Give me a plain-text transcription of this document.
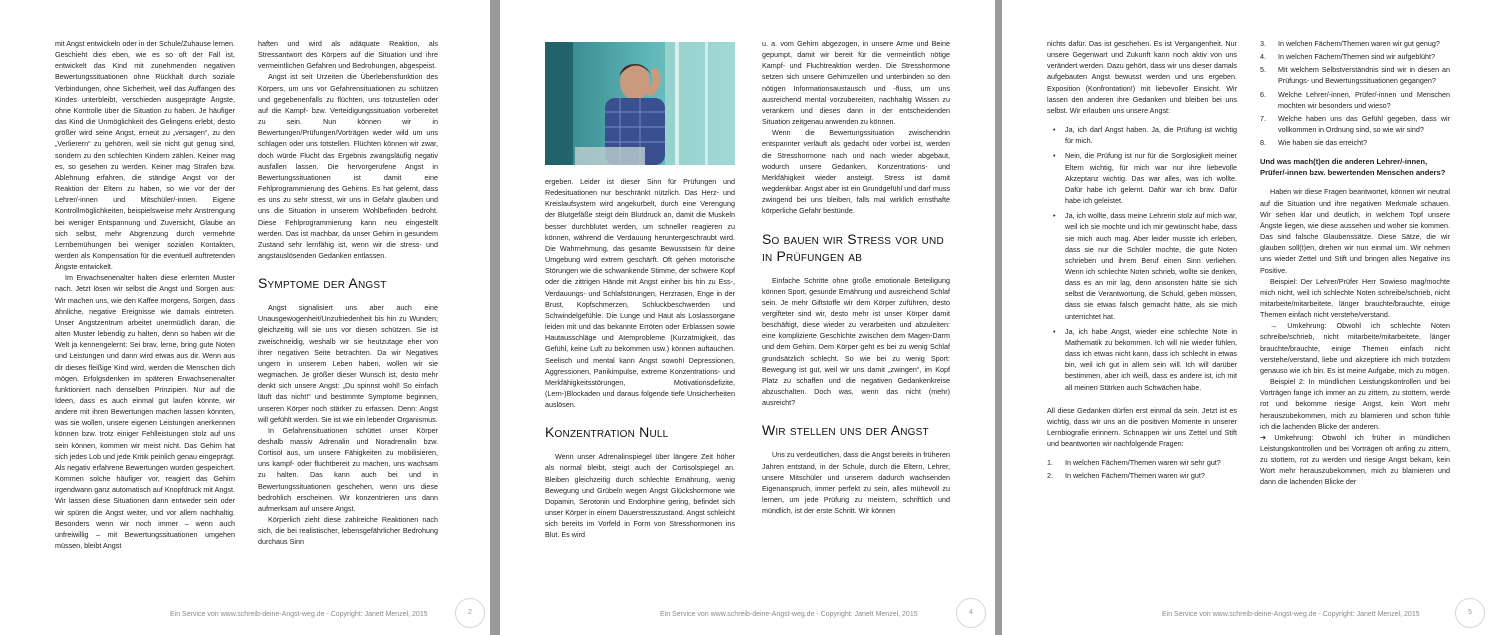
mit Angst entwickeln oder in der Schule/Zuhause lernen. Geschieht dies eben, wie es so oft der Fall ist, entwickelt das Kind mit zunehmenden negativen Bewertungssituationen ohne Rückhalt durch soziale Verbindungen, ohne Sicherheit, weil das Auffangen des Kindes unterbleibt, verschieden ausgeprägte Ängste, ohne Kontrolle über die Situation zu haben. Je häufiger das Kind die Unmöglichkeit des Gelingens erlebt, desto größer wird seine Angst, erneut zu „versagen“, zu den „Verlierern“ zu gehören, weil sie nicht gut genug sind, sondern zu den schlechten Kindern zählen. Keiner mag es, so gesehen zu werden. Keiner mag Strafen bzw. Ablehnung erfahren, die ständige Angst vor der Reaktion der Eltern zu haben, so wie vor der der Lehrer/-innen und Mitschüler/-innen. Eigene Kontrollmöglichkeiten, beispielsweise mehr Anstrengung bei weniger Entspannung und Zuversicht, Glaube an sich selbst, mehr Abgrenzung durch vermehrte Lernbemühungen bei weniger sozialen Kontakten, werden als Kompensation für die eventuell auftretenden Ängste entwickelt.

Im Erwachsenenalter halten diese erlernten Muster nach. Jetzt lösen wir selbst die Angst und Sorgen aus: Wir machen uns, wie den Kaffee morgens, Sorgen, dass ähnliche, negative Ereignisse wie damals eintreten. Unser Angstzentrum arbeitet unermüdlich daran, die alten Muster lebendig zu halten, denn so haben wir die Welt ja kennengelernt: Sei brav, lerne, bring gute Noten und Leistungen und dann wird etwas aus dir. Wenn aus dir dieses fleißige Kind wird, werden die Menschen dich mögen. Erfolgsdenken im späteren Erwachsenenalter funktioniert nach denselben Prinzipien. Nur auf die Ideen, dass es auch einmal gut laufen könnte, wir andere mit ihren Bewertungen machen lassen könnten, was sie wollen, unsere eigenen Leistungen anerkennen können bzw. trotz einiger Fehlleistungen stolz auf uns sein können, kommen wir meist nicht. Das Gehirn hat sich jedes Lob und jede Kritik peinlich genau eingeprägt. Als negativ erfahrene Bewertungen wurden gespeichert. Kommen solche häufiger vor, reagiert das Gehirn irgendwann ganz automatisch auf Knopfdruck mit Angst. Wir lassen diese Situationen dann entweder sein oder wir spüren die Angst weiter, und vor allem nachhaltig. Besonders wenn wir noch immer – wenn auch unfreiwillig – mit Bewertungssituationen umgehen müssen, bleibt Angst

haften und wird als adäquate Reaktion, als Stressantwort des Körpers auf die Situation und ihre vermeintlichen Gefahren und Bedrohungen, abgespeist.

Angst ist seit Urzeiten die Überlebensfunktion des Körpers, um uns vor Gefahrensituationen zu schützen und gegebenenfalls zu flüchten, uns totzustellen oder auf die Kampf- bzw. Verteidigungssituation vorbereitet zu sein. Nun können wir in Bewertungen/Prüfungen/Vorträgen weder wild um uns schlagen oder uns totstellen. Flüchten können wir zwar, doch würde Flucht das Ergebnis zwangsläufig negativ ausfallen lassen. Die hervorgerufene Angst in Bewertungssituationen ist damit eine Fehlprogrammierung des Gehirns. Es hat gelernt, dass es uns zu sehr stresst, wir uns in Gefahr glauben und uns die Situation in unserem Wohlbefinden bedroht. Diese Fehlprogrammierung kann neu eingestellt werden. Das ist machbar, da unser Gehirn in gesundem Zustand sehr lernfähig ist, wenn wir die stress- und angstauslösenden Gedanken entlassen.

Symptome der Angst

Angst signalisiert uns aber auch eine Unausgewogenheit/Unzufriedenheit bis hin zu Wunden; gleichzeitig will sie uns vor diesen schützen. Sie ist zweischneidig, weshalb wir sie heutzutage eher von ihrer negativen Seite betrachten. Da wir Negatives ungern in unserem Leben haben, wollen wir sie wegmachen. Je größer dieser Wunsch ist, desto mehr denkt sich unsere Angst: „Du spinnst wohl! So einfach läuft das nicht!“ und bestimmte Symptome beginnen, unseren Körper noch stärker zu erfassen. Denn: Angst will gefühlt werden. Sie ist wie ein lebender Organismus.

In Gefahrensituationen schüttet unser Körper deshalb massiv Adrenalin und Noradrenalin bzw. Cortisol aus, um unsere Fähigkeiten zu mobilisieren, uns kampf- oder fluchtbereit zu machen, uns wachsam zu halten. Das kann auch bei und in Bewertungssituationen geschehen, wenn uns diese bedrohlich erscheinen. Wir konzentrieren uns dann aufmerksam auf unsere Angst.

Körperlich zieht diese zahlreiche Reaktionen nach sich, die bei realistischer, lebensgefährlicher Bedrohung durchaus Sinn

Ein Service von www.schreib-deine-Angst-weg.de - Copyright: Janett Menzel, 2015	2

ergeben. Leider ist dieser Sinn für Prüfungen und Redesituationen nur beschränkt nützlich. Das Herz- und Kreislaufsystem wird angekurbelt, durch eine Verengung der Blutgefäße steigt dein Blutdruck an, damit die Muskeln besser durchblutet werden, um schneller reagieren zu können, während die Verdauung heruntergeschraubt wird. Die Wahrnehmung, das gesamte Bewusstsein für deine Umgebung wird extrem geschärft. Oft gehen motorische Störungen wie die schwankende Stimme, der schwere Kopf oder die zittrigen Hände mit Angst einher bis hin zu Ess-, Verdauungs- und Schlafstörungen, Herzrasen, Enge in der Brust, Kopfschmerzen, Schluckbeschwerden und Schwindelgefühle. Die Lunge und Haut als Loslassorgane leiden mit und das bekannte Erröten oder Erblassen sowie Hautausschläge und Atemprobleme (Kurzatmigkeit, das Gefühl, keine Luft zu bekommen usw.) können auftauchen. Seelisch und mental kann Angst sowohl Depressionen, Aggressionen, Panikimpulse, extreme Konzentrations- und Merkfähigkeitsstörungen, Motivationsdefizite, (Lern-)Blockaden und daraus folgende tiefe Unsicherheiten auslösen.

Konzentration Null

Wenn unser Adrenalinspiegel über längere Zeit höher als normal bleibt, steigt auch der Cortisolspiegel an. Bleiben gleichzeitig durch schlechte Ernährung, wenig Bewegung und Grübeln wegen Angst Glückshormone wie Dopamin, Serotonin und Endorphine gering, befindet sich unser Körper in einem Dauerstresszustand. Angst schleicht sich bereits im Vorfeld in Form von Stresshormonen ins Blut. Es wird

u. a. vom Gehirn abgezogen, in unsere Arme und Beine gepumpt, damit wir bereit für die vermeintlich nötige Kampf- und Fluchtreaktion werden. Die Stresshormone setzen sich unsere Gehirnzellen und unterbinden so den nötigen Informationsaustausch und -fluss, um uns ausreichend mental vorzubereiten, nachhaltig Wissen zu verankern und dieses dann in der entscheidenden Situation zeitgenau anwenden zu können.

Wenn die Bewertungssituation zwischendrin entspannter verläuft als gedacht oder vorbei ist, werden die Stresshormone nach und nach wieder abgebaut, wodurch unsere Gedanken, Konzentrations- und Merkfähigkeit wieder ansteigt. Stress ist damit wegdenkbar. Angst aber ist ein Grundgefühl und darf muss zwingend bei uns bleiben, falls mal wirklich ernsthafte körperliche Gefahr bestünde.

So bauen wir Stress vor und in Prüfungen ab

Einfache Schritte ohne große emotionale Beteiligung können Sport, gesunde Ernährung und ausreichend Schlaf sein. Je mehr Giftstoffe wir dem Körper zuführen, desto vergifteter sind wir, desto mehr ist unser Körper damit beschäftigt, diese wieder zu verarbeiten und abzuleiten: eine komplizierte Geschichte zwischen dem Magen-Darm und dem Gehirn. Dem Körper geht es bei zu wenig Schlaf grundsätzlich schlecht. So wie bei zu wenig Sport: Bewegung ist gut, weil wir uns damit „zwingen“, im Kopf Platz zu schaffen und die negativen Gedankenkreise abzuschalten. Doch was, wenn das nicht (mehr) ausreicht?

Wir stellen uns der Angst

Uns zu verdeutlichen, dass die Angst bereits in früheren Jahren entstand, in der Schule, durch die Eltern, Lehrer, unsere Mitschüler und unserem dadurch wachsenden Eigenanspruch, immer perfekt zu sein, alles mühevoll zu lernen, um jede Prüfung zu meistern, schriftlich und mündlich, ist der erste Schritt. Wir können

Ein Service von www.schreib-deine-Angst-weg.de - Copyright: Janett Menzel, 2015	4

nichts dafür. Das ist geschehen. Es ist Vergangenheit. Nur unsere Gegenwart und Zukunft kann noch aktiv von uns verändert werden. Dazu gehört, dass wir uns dieser damals aufgebauten Angst bewusst werden und uns ergeben. Exposition (Konfrontation!) mit liebevoller Einsicht. Wir lassen den anderen ihre Gedanken und bleiben bei uns selbst. Wir erlauben uns unsere Angst:

• Ja, ich darf Angst haben. Ja, die Prüfung ist wichtig für mich.
• Nein, die Prüfung ist nur für die Sorglosigkeit meiner Eltern wichtig, für mich war nur ihre liebevolle Akzeptanz wichtig. Das war alles, was ich wollte. Dafür habe ich gelernt. Dafür war ich brav. Dafür habe ich geleistet.
• Ja, ich wollte, dass meine Lehrerin stolz auf mich war, weil ich sie mochte und ich mir gewünscht habe, dass sie mich auch mag. Aber leider musste ich erleben, dass sie nur die Schüler mochte, die gute Noten schrieben und ihrem Beruf einen Sinn verliehen. Wenn ich schlechte Noten schrieb, wollte sie denken, dass es an mir lag, denn ansonsten hätte sie sich selbst die Verantwortung, die Schuld, geben müssen, dass sie etwas falsch gemacht hätte, als sie mich unterrichtet hat.
• Ja, ich habe Angst, wieder eine schlechte Note in Mathematik zu bekommen. Ich will nie wieder fühlen, dass ich etwas nicht kann, dass ich schlecht in etwas bin, weil ich gut in allem sein will. Ich will darüber bestimmen, aber ich weiß, dass es andere ist, ich mit all meinen Stärken auch Schwächen habe.

All diese Gedanken dürfen erst einmal da sein. Jetzt ist es wichtig, dass wir uns an die positiven Momente in unserer Lernbiografie erinnern. Schnappen wir uns Zettel und Stift und beantworten wir nachfolgende Fragen:

1. In welchen Fächern/Themen waren wir sehr gut?
2. In welchen Fächern/Themen waren wir gut?
3. In welchen Fächern/Themen waren wir gut genug?
4. In welchen Fächern/Themen sind wir aufgeblüht?
5. Mit welchem Selbstverständnis sind wir in diesen an Prüfungs- und Bewertungssituationen gegangen?
6. Welche Lehrer/-innen, Prüfer/-innen und Menschen mochten wir besonders und wieso?
7. Welche haben uns das Gefühl gegeben, dass wir vollkommen in Ordnung sind, so wie wir sind?
8. Wie haben sie das erreicht?
Und was mach(t)en die anderen Lehrer/-innen, Prüfer/-innen bzw. bewertenden Menschen anders?

Haben wir diese Fragen beantwortet, können wir neutral auf die Situation und ihre negativen Merkmale schauen. Wir sehen klar und deutlich, in welchem Topf unsere Ängste liegen, wie diese aussehen und woher sie kommen. Das sind falsche Glaubenssätze. Diese Sätze, die wir glauben soll(t)en, drehen wir nun einmal um. Wir nehmen uns wieder Zettel und Stift und bringen alles Negative ins Positive.

Beispiel: Der Lehrer/Prüfer Herr Sowieso mag/mochte mich nicht, weil ich schlechte Noten schreibe/schrieb, nicht mitarbeite/mitarbeitete, länger brauchte/brauchte, einige Themen einfach nicht verstehe/verstand.

→ Umkehrung: Obwohl ich schlechte Noten schreibe/schrieb, nicht mitarbeite/mitarbeitete, länger brauchte/brauchte, einige Themen einfach nicht verstehe/verstand, liebe und akzeptiere ich mich trotzdem genauso wie ich bin. Es ist meine Aufgabe, mich zu mögen.

Beispiel 2: In mündlichen Leistungskontrollen und bei Vorträgen fange ich immer an zu zittern, zu stottern, werde rot und bekomme riesige Angst, kein Wort mehr herauszubekommen, mich zu blamieren und schon fühle ich die lachenden Blicke der anderen.

➔ Umkehrung: Obwohl ich früher in mündlichen Leistungskontrollen und bei Vorträgen oft anfing zu zittern, zu stottern, rot zu werden und riesige Angst bekam, kein Wort mehr herauszubekommen, mich zu blamieren und dann die lachenden Blicke der

Ein Service von www.schreib-deine-Angst-weg.de - Copyright: Janett Menzel, 2015	5
